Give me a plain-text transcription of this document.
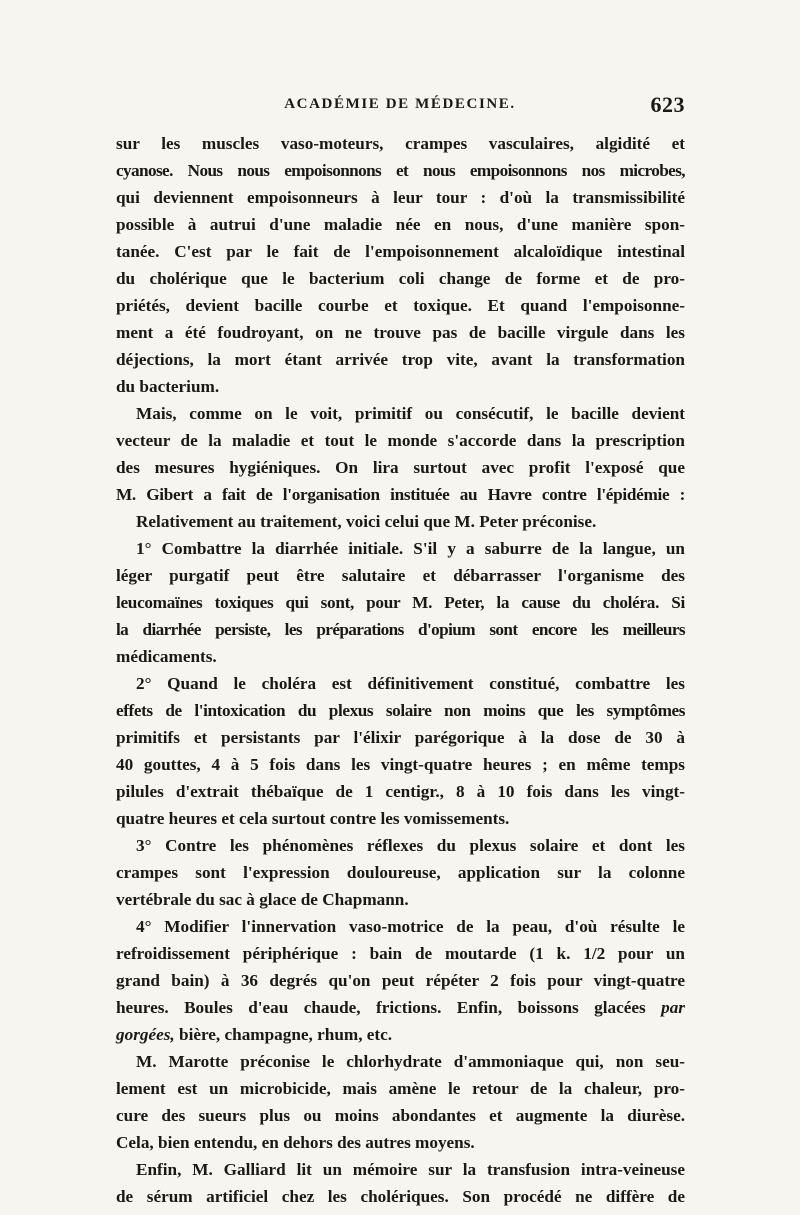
ACADÉMIE DE MÉDECINE.	623
sur les muscles vaso-moteurs, crampes vasculaires, algidité et
cyanose. Nous nous empoisonnons et nous empoisonnons nos microbes,
qui deviennent empoisonneurs à leur tour : d'où la transmissibilité
possible à autrui d'une maladie née en nous, d'une manière spon-
tanée. C'est par le fait de l'empoisonnement alcaloïdique intestinal
du cholérique que le bacterium coli change de forme et de pro-
priétés, devient bacille courbe et toxique. Et quand l'empoisonne-
ment a été foudroyant, on ne trouve pas de bacille virgule dans les
déjections, la mort étant arrivée trop vite, avant la transformation
du bacterium.
Mais, comme on le voit, primitif ou consécutif, le bacille devient
vecteur de la maladie et tout le monde s'accorde dans la prescription
des mesures hygiéniques. On lira surtout avec profit l'exposé que
M. Gibert a fait de l'organisation instituée au Havre contre l'épidémie :
Relativement au traitement, voici celui que M. Peter préconise.
1° Combattre la diarrhée initiale. S'il y a saburre de la langue, un
léger purgatif peut être salutaire et débarrasser l'organisme des
leucomaïnes toxiques qui sont, pour M. Peter, la cause du choléra. Si
la diarrhée persiste, les préparations d'opium sont encore les meilleurs
médicaments.
2° Quand le choléra est définitivement constitué, combattre les
effets de l'intoxication du plexus solaire non moins que les symptômes
primitifs et persistants par l'élixir parégorique à la dose de 30 à
40 gouttes, 4 à 5 fois dans les vingt-quatre heures ; en même temps
pilules d'extrait thébaïque de 1 centigr., 8 à 10 fois dans les vingt-
quatre heures et cela surtout contre les vomissements.
3° Contre les phénomènes réflexes du plexus solaire et dont les
crampes sont l'expression douloureuse, application sur la colonne
vertébrale du sac à glace de Chapmann.
4° Modifier l'innervation vaso-motrice de la peau, d'où résulte le
refroidissement périphérique : bain de moutarde (1 k. 1/2 pour un
grand bain) à 36 degrés qu'on peut répéter 2 fois pour vingt-quatre
heures. Boules d'eau chaude, frictions. Enfin, boissons glacées par
gorgées, bière, champagne, rhum, etc.
M. Marotte préconise le chlorhydrate d'ammoniaque qui, non seu-
lement est un microbicide, mais amène le retour de la chaleur, pro-
cure des sueurs plus ou moins abondantes et augmente la diurèse.
Cela, bien entendu, en dehors des autres moyens.
Enfin, M. Galliard lit un mémoire sur la transfusion intra-veineuse
de sérum artificiel chez les cholériques. Son procédé ne diffère de
